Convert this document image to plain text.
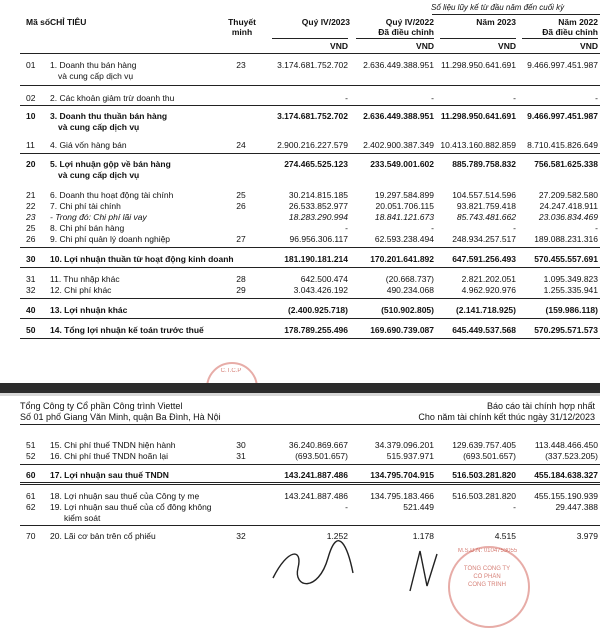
Số liệu lũy kế từ đầu năm đến cuối kỳ
Mã số CHỈ TIÊU	Thuyết minh
Quý IV/2023	Quý IV/2022
Đã điều chỉnh
Năm 2023	Năm 2022
Đã điều chỉnh
VND	VND	VND	VND
01 1. Doanh thu bán hàng	23	3.174.681.752.702	2.636.449.388.951 11.298.950.641.691	9.466.997.451.987
và cung cấp dịch vụ
02 2. Các khoản giảm trừ doanh thu	-	-	-	-
10 3. Doanh thu thuần bán hàng	3.174.681.752.702	2.636.449.388.951 11.298.950.641.691	9.466.997.451.987
và cung cấp dịch vụ
11 4. Giá vốn hàng bán	24	2.900.216.227.579	2.402.900.387.349 10.413.160.882.859	8.710.415.826.649
20 5. Lợi nhuận gộp về bán hàng	274.465.525.123	233.549.001.602	885.789.758.832	756.581.625.338
và cung cấp dịch vụ
21 6. Doanh thu hoạt động tài chính	25	30.214.815.185	19.297.584.899	104.557.514.596	27.209.582.580
22 7. Chi phí tài chính	26	26.533.852.977	20.051.706.115	93.821.759.418	24.247.418.911
23 - Trong đó: Chi phí lãi vay	18.283.290.994	18.841.121.673	85.743.481.662	23.036.834.469
25 8. Chi phí bán hàng	-	-	-	-
26 9. Chi phí quản lý doanh nghiệp	27	96.956.306.117	62.593.238.494	248.934.257.517	189.088.231.316
30 10. Lợi nhuận thuần từ hoạt động kinh doanh	181.190.181.214	170.201.641.892	647.591.256.493	570.455.557.691
31 11. Thu nhập khác	28	642.500.474	(20.668.737)	2.821.202.051	1.095.349.823
32 12. Chi phí khác	29	3.043.426.192	490.234.068	4.962.920.976	1.255.335.941
40 13. Lợi nhuận khác	(2.400.925.718)	(510.902.805)	(2.141.718.925)	(159.986.118)
50 14. Tổng lợi nhuận kế toán trước thuế	178.789.255.496	169.690.739.087	645.449.537.568	570.295.571.573
C.T.C.P
Tổng Công ty Cổ phần Công trình Viettel
Số 01 phố Giang Văn Minh, quận Ba Đình, Hà Nội
Báo cáo tài chính hợp nhất
Cho năm tài chính kết thúc ngày 31/12/2023
51 15. Chi phí thuế TNDN hiện hành	30	36.240.869.667	34.379.096.201	129.639.757.405	113.448.466.450
52 16. Chi phí thuế TNDN hoãn lại	31	(693.501.657)	515.937.971	(693.501.657)	(337.523.205)
60 17. Lợi nhuận sau thuế TNDN	143.241.887.486	134.795.704.915	516.503.281.820	455.184.638.327
61 18. Lợi nhuận sau thuế của Công ty mẹ	143.241.887.486	134.795.183.466	516.503.281.820	455.155.190.939
62 19. Lợi nhuận sau thuế của cổ đông không	-	521.449	-	29.447.388
kiểm soát
70 20. Lãi cơ bản trên cổ phiếu	32	1.252	1.178	4.515	3.979
M.S.D.N: 0104753055
TỔNG CÔNG TY
CỔ PHẦN
CÔNG TRÌNH
